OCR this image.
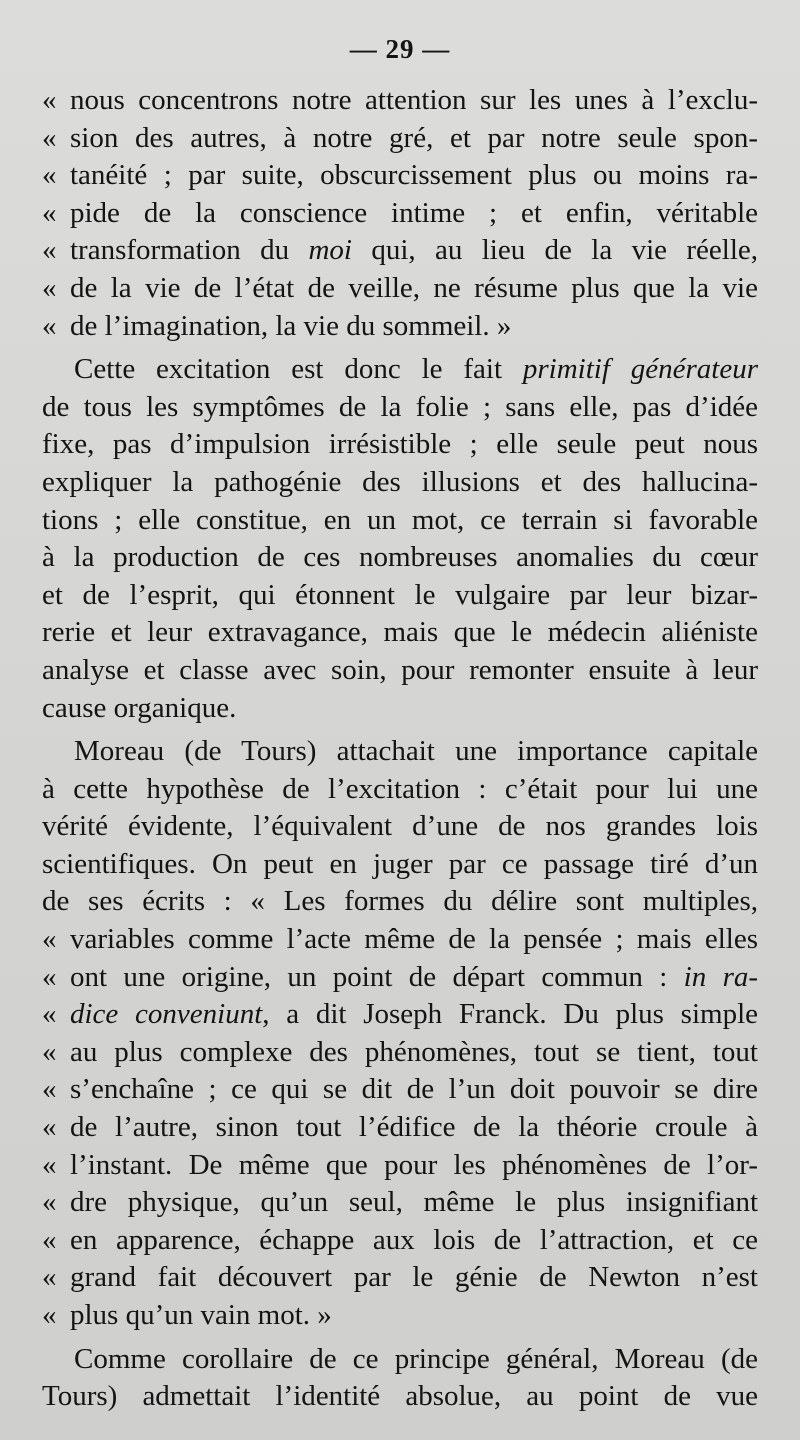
— 29 —
« nous concentrons notre attention sur les unes à l’exclu-
« sion des autres, à notre gré, et par notre seule spon-
« tanéité ; par suite, obscurcissement plus ou moins ra-
« pide de la conscience intime ; et enfin, véritable
« transformation du moi qui, au lieu de la vie réelle,
« de la vie de l’état de veille, ne résume plus que la vie
« de l’imagination, la vie du sommeil. »
Cette excitation est donc le fait primitif générateur
de tous les symptômes de la folie ; sans elle, pas d’idée
fixe, pas d’impulsion irrésistible ; elle seule peut nous
expliquer la pathogénie des illusions et des hallucina-
tions ; elle constitue, en un mot, ce terrain si favorable
à la production de ces nombreuses anomalies du cœur
et de l’esprit, qui étonnent le vulgaire par leur bizar-
rerie et leur extravagance, mais que le médecin aliéniste
analyse et classe avec soin, pour remonter ensuite à leur
cause organique.
Moreau (de Tours) attachait une importance capitale
à cette hypothèse de l’excitation : c’était pour lui une
vérité évidente, l’équivalent d’une de nos grandes lois
scientifiques. On peut en juger par ce passage tiré d’un
de ses écrits : « Les formes du délire sont multiples,
« variables comme l’acte même de la pensée ; mais elles
« ont une origine, un point de départ commun : in ra-
« dice conveniunt, a dit Joseph Franck. Du plus simple
« au plus complexe des phénomènes, tout se tient, tout
« s’enchaîne ; ce qui se dit de l’un doit pouvoir se dire
« de l’autre, sinon tout l’édifice de la théorie croule à
« l’instant. De même que pour les phénomènes de l’or-
« dre physique, qu’un seul, même le plus insignifiant
« en apparence, échappe aux lois de l’attraction, et ce
« grand fait découvert par le génie de Newton n’est
« plus qu’un vain mot. »
Comme corollaire de ce principe général, Moreau (de
Tours) admettait l’identité absolue, au point de vue
